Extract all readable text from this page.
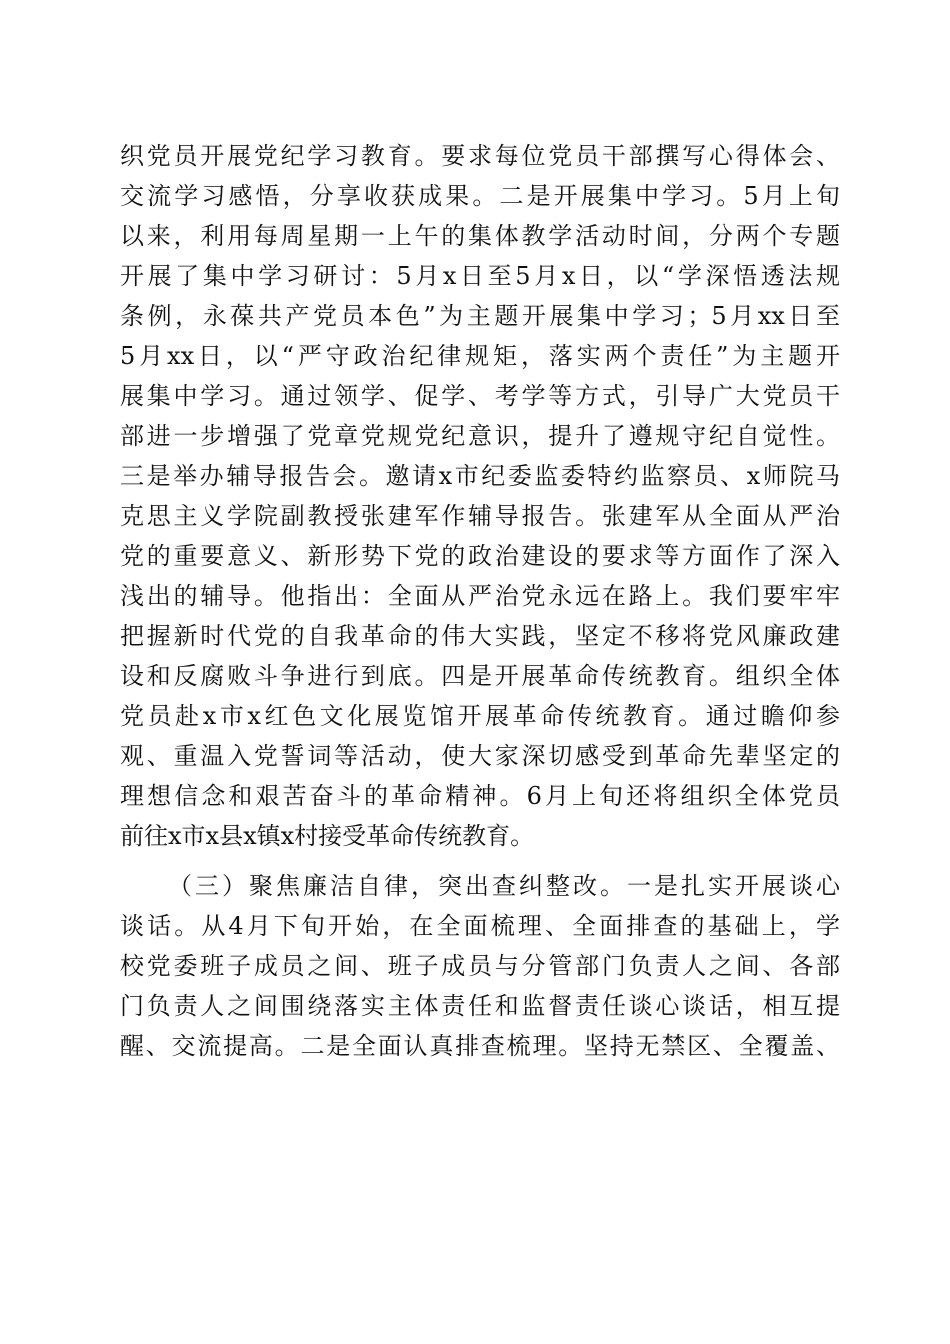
织党员开展党纪学习教育。要求每位党员干部撰写心得体会、
交流学习感悟，分享收获成果。二是开展集中学习。5月上旬
以来，利用每周星期一上午的集体教学活动时间，分两个专题
开展了集中学习研讨：5月x日至5月x日，以“学深悟透法规
条例，永葆共产党员本色”为主题开展集中学习；5月xx日至
5月xx日，以“严守政治纪律规矩，落实两个责任”为主题开
展集中学习。通过领学、促学、考学等方式，引导广大党员干
部进一步增强了党章党规党纪意识，提升了遵规守纪自觉性。
三是举办辅导报告会。邀请x市纪委监委特约监察员、x师院马
克思主义学院副教授张建军作辅导报告。张建军从全面从严治
党的重要意义、新形势下党的政治建设的要求等方面作了深入
浅出的辅导。他指出：全面从严治党永远在路上。我们要牢牢
把握新时代党的自我革命的伟大实践，坚定不移将党风廉政建
设和反腐败斗争进行到底。四是开展革命传统教育。组织全体
党员赴x市x红色文化展览馆开展革命传统教育。通过瞻仰参
观、重温入党誓词等活动，使大家深切感受到革命先辈坚定的
理想信念和艰苦奋斗的革命精神。6月上旬还将组织全体党员
前往x市x县x镇x村接受革命传统教育。
（三）聚焦廉洁自律，突出查纠整改。一是扎实开展谈心
谈话。从4月下旬开始，在全面梳理、全面排查的基础上，学
校党委班子成员之间、班子成员与分管部门负责人之间、各部
门负责人之间围绕落实主体责任和监督责任谈心谈话，相互提
醒、交流提高。二是全面认真排查梳理。坚持无禁区、全覆盖、
